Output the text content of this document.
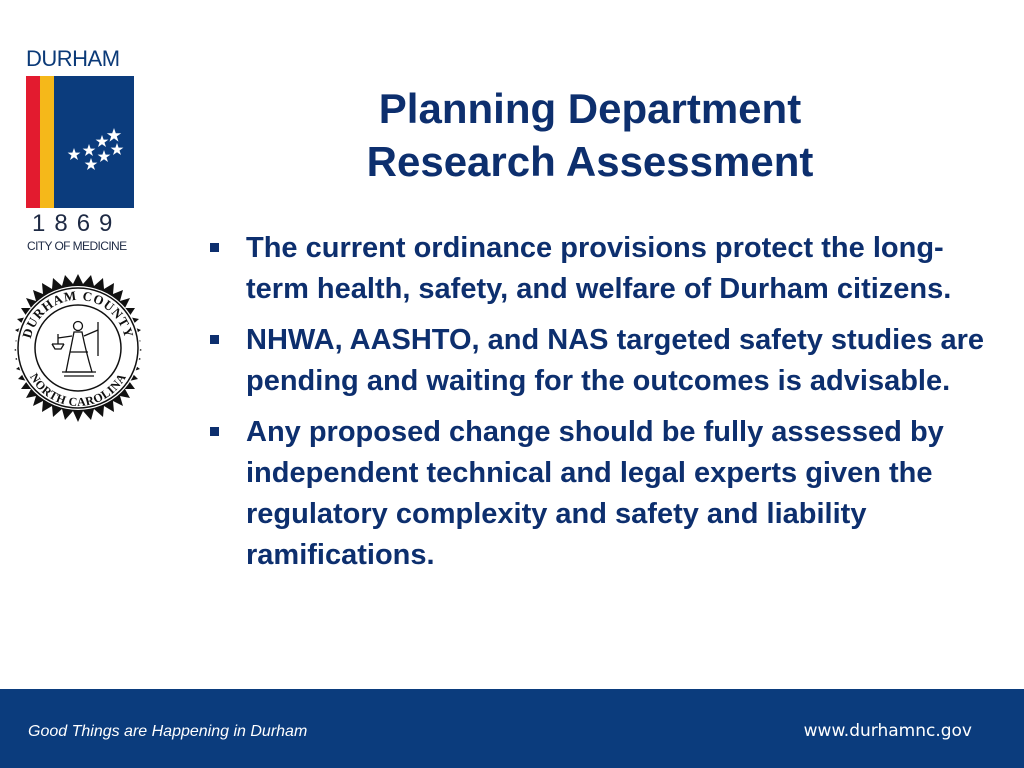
DURHAM
1869
CITY OF MEDICINE
DURHAM COUNTY
NORTH CAROLINA
Planning Department
Research Assessment
The current ordinance provisions protect the long-term health, safety, and welfare of Durham citizens.
NHWA, AASHTO, and NAS targeted safety studies are pending and waiting for the outcomes is advisable.
Any proposed change should be fully assessed by independent technical and legal experts given the regulatory complexity and safety and liability ramifications.
Good Things are Happening in Durham	www.durhamnc.gov
